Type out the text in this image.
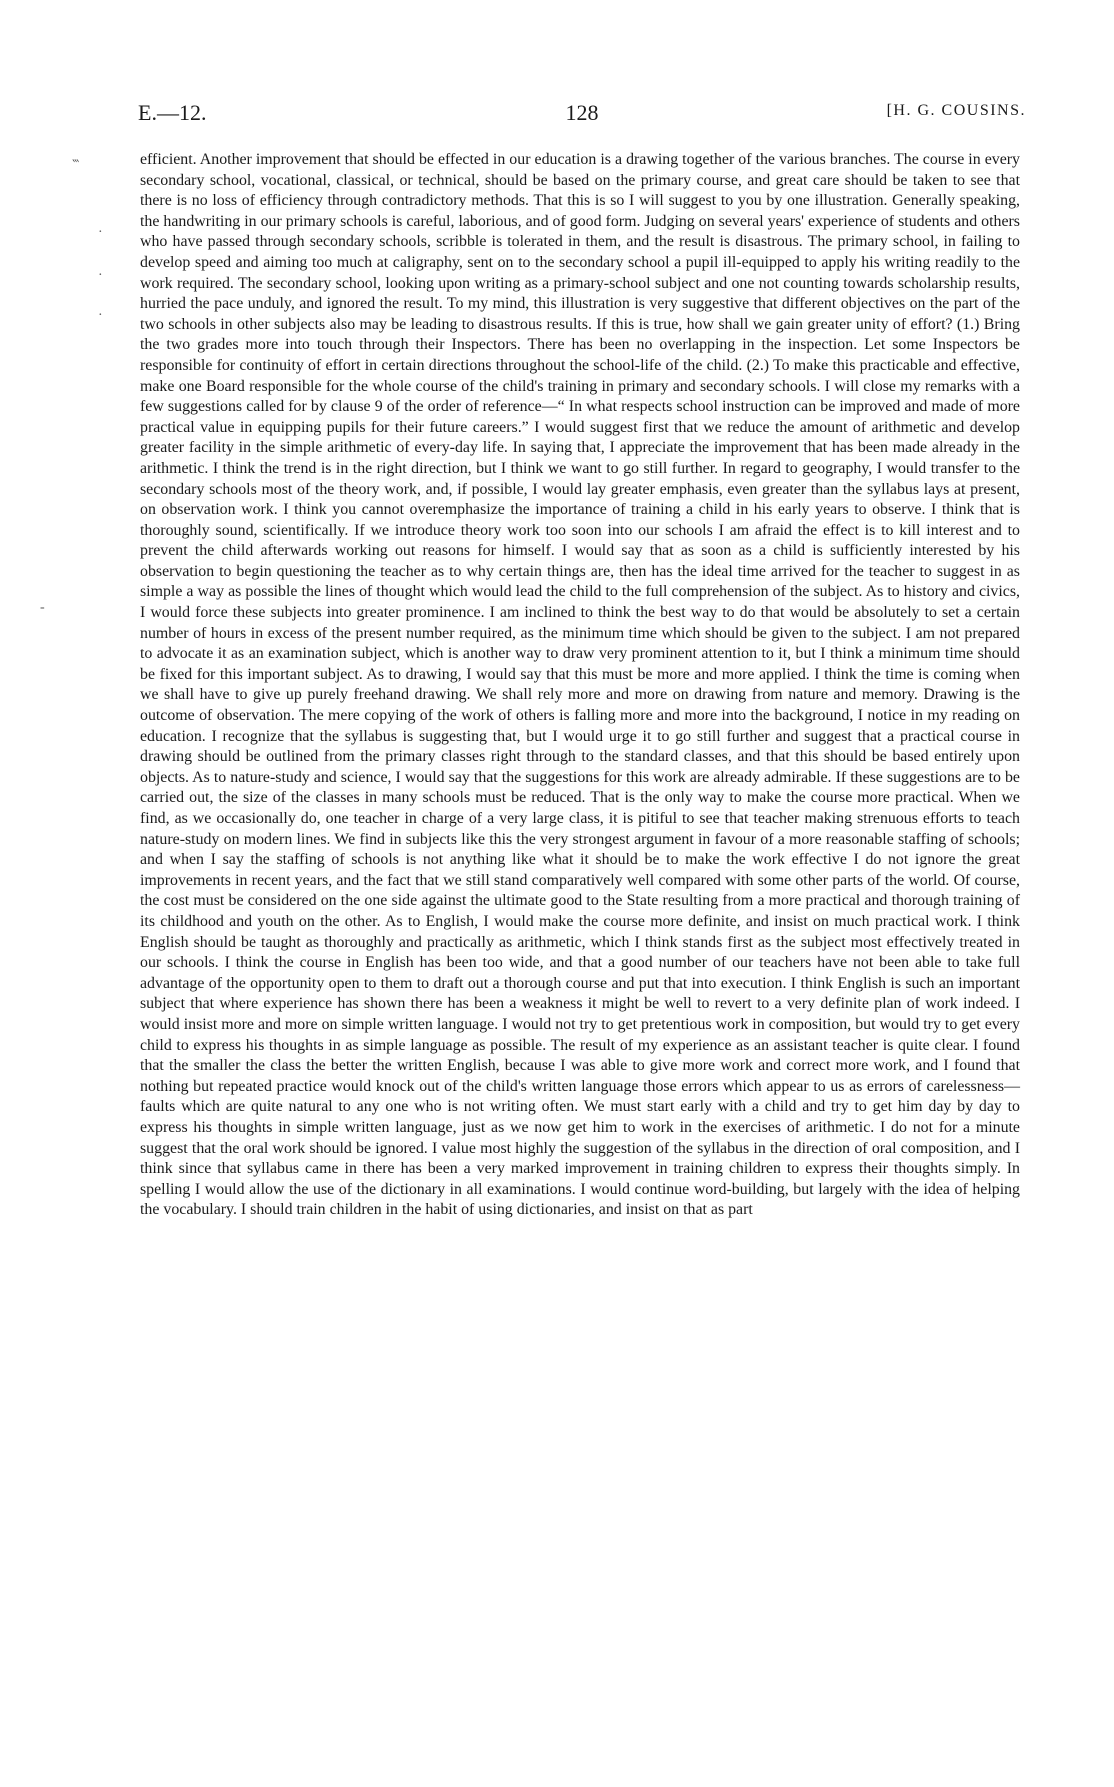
E.—12.	128	[H. G. COUSINS.
‷
·
·
·
-

efficient. Another improvement that should be effected in our education is a drawing together of the various branches. The course in every secondary school, vocational, classical, or technical, should be based on the primary course, and great care should be taken to see that there is no loss of efficiency through contradictory methods. That this is so I will suggest to you by one illustration. Generally speaking, the handwriting in our primary schools is careful, laborious, and of good form. Judging on several years' experience of students and others who have passed through secondary schools, scribble is tolerated in them, and the result is disastrous. The primary school, in failing to develop speed and aiming too much at caligraphy, sent on to the secondary school a pupil ill-equipped to apply his writing readily to the work required. The secondary school, looking upon writing as a primary-school subject and one not counting towards scholarship results, hurried the pace unduly, and ignored the result. To my mind, this illustration is very suggestive that different objectives on the part of the two schools in other subjects also may be leading to disastrous results. If this is true, how shall we gain greater unity of effort? (1.) Bring the two grades more into touch through their Inspectors. There has been no overlapping in the inspection. Let some Inspectors be responsible for continuity of effort in certain directions throughout the school-life of the child. (2.) To make this practicable and effective, make one Board responsible for the whole course of the child's training in primary and secondary schools. I will close my remarks with a few suggestions called for by clause 9 of the order of reference—“ In what respects school instruction can be improved and made of more practical value in equipping pupils for their future careers.” I would suggest first that we reduce the amount of arithmetic and develop greater facility in the simple arithmetic of every-day life. In saying that, I appreciate the improvement that has been made already in the arithmetic. I think the trend is in the right direction, but I think we want to go still further. In regard to geography, I would transfer to the secondary schools most of the theory work, and, if possible, I would lay greater emphasis, even greater than the syllabus lays at present, on observation work. I think you cannot overemphasize the importance of training a child in his early years to observe. I think that is thoroughly sound, scientifically. If we introduce theory work too soon into our schools I am afraid the effect is to kill interest and to prevent the child afterwards working out reasons for himself. I would say that as soon as a child is sufficiently interested by his observation to begin questioning the teacher as to why certain things are, then has the ideal time arrived for the teacher to suggest in as simple a way as possible the lines of thought which would lead the child to the full comprehension of the subject. As to history and civics, I would force these subjects into greater prominence. I am inclined to think the best way to do that would be absolutely to set a certain number of hours in excess of the present number required, as the minimum time which should be given to the subject. I am not prepared to advocate it as an examination subject, which is another way to draw very prominent attention to it, but I think a minimum time should be fixed for this important subject. As to drawing, I would say that this must be more and more applied. I think the time is coming when we shall have to give up purely freehand drawing. We shall rely more and more on drawing from nature and memory. Drawing is the outcome of observation. The mere copying of the work of others is falling more and more into the background, I notice in my reading on education. I recognize that the syllabus is suggesting that, but I would urge it to go still further and suggest that a practical course in drawing should be outlined from the primary classes right through to the standard classes, and that this should be based entirely upon objects. As to nature-study and science, I would say that the suggestions for this work are already admirable. If these suggestions are to be carried out, the size of the classes in many schools must be reduced. That is the only way to make the course more practical. When we find, as we occasionally do, one teacher in charge of a very large class, it is pitiful to see that teacher making strenuous efforts to teach nature-study on modern lines. We find in subjects like this the very strongest argument in favour of a more reasonable staffing of schools; and when I say the staffing of schools is not anything like what it should be to make the work effective I do not ignore the great improvements in recent years, and the fact that we still stand comparatively well compared with some other parts of the world. Of course, the cost must be considered on the one side against the ultimate good to the State resulting from a more practical and thorough training of its childhood and youth on the other. As to English, I would make the course more definite, and insist on much practical work. I think English should be taught as thoroughly and practically as arithmetic, which I think stands first as the subject most effectively treated in our schools. I think the course in English has been too wide, and that a good number of our teachers have not been able to take full advantage of the opportunity open to them to draft out a thorough course and put that into execution. I think English is such an important subject that where experience has shown there has been a weakness it might be well to revert to a very definite plan of work indeed. I would insist more and more on simple written language. I would not try to get pretentious work in composition, but would try to get every child to express his thoughts in as simple language as possible. The result of my experience as an assistant teacher is quite clear. I found that the smaller the class the better the written English, because I was able to give more work and correct more work, and I found that nothing but repeated practice would knock out of the child's written language those errors which appear to us as errors of carelessness—faults which are quite natural to any one who is not writing often. We must start early with a child and try to get him day by day to express his thoughts in simple written language, just as we now get him to work in the exercises of arithmetic. I do not for a minute suggest that the oral work should be ignored. I value most highly the suggestion of the syllabus in the direction of oral composition, and I think since that syllabus came in there has been a very marked improvement in training children to express their thoughts simply. In spelling I would allow the use of the dictionary in all examinations. I would continue word-building, but largely with the idea of helping the vocabulary. I should train children in the habit of using dictionaries, and insist on that as part
